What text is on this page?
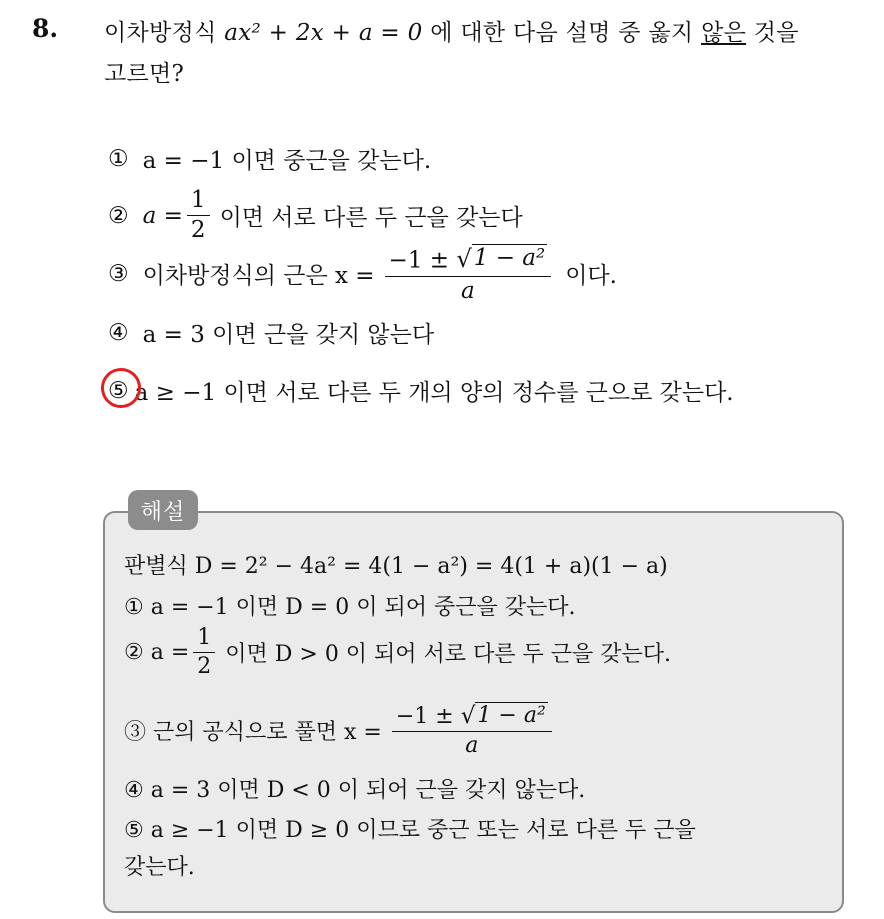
8. 이차방정식 ax² + 2x + a = 0 에 대한 다음 설명 중 옳지 않은 것을
고르면?
① a = −1 이면 중근을 갖는다.
② $a = \frac{1}{2}$ 이면 서로 다른 두 근을 갖는다
③ 이차방정식의 근은 $x = \frac{\text{−1 ± √ 1 − a²}}{a}$ 이다.
④ a = 3 이면 근을 갖지 않는다
⑤ a ≥ −1 이면 서로 다른 두 개의 양의 정수를 근으로 갖는다.
해설
판별식 D = 2² − 4a² = 4(1 − a²) = 4(1 + a)(1 − a)
① a = −1 이면 D = 0 이 되어 중근을 갖는다.
② $a = \frac{1}{2}$ 이면 D > 0 이 되어 서로 다른 두 근을 갖는다.
③ 근의 공식으로 풀면 $x = \frac{\text{−1 ± √ 1 − a²}}{a}$
④ a = 3 이면 D < 0 이 되어 근을 갖지 않는다.
⑤ a ≥ −1 이면 D ≥ 0 이므로 중근 또는 서로 다른 두 근을
갖는다.
